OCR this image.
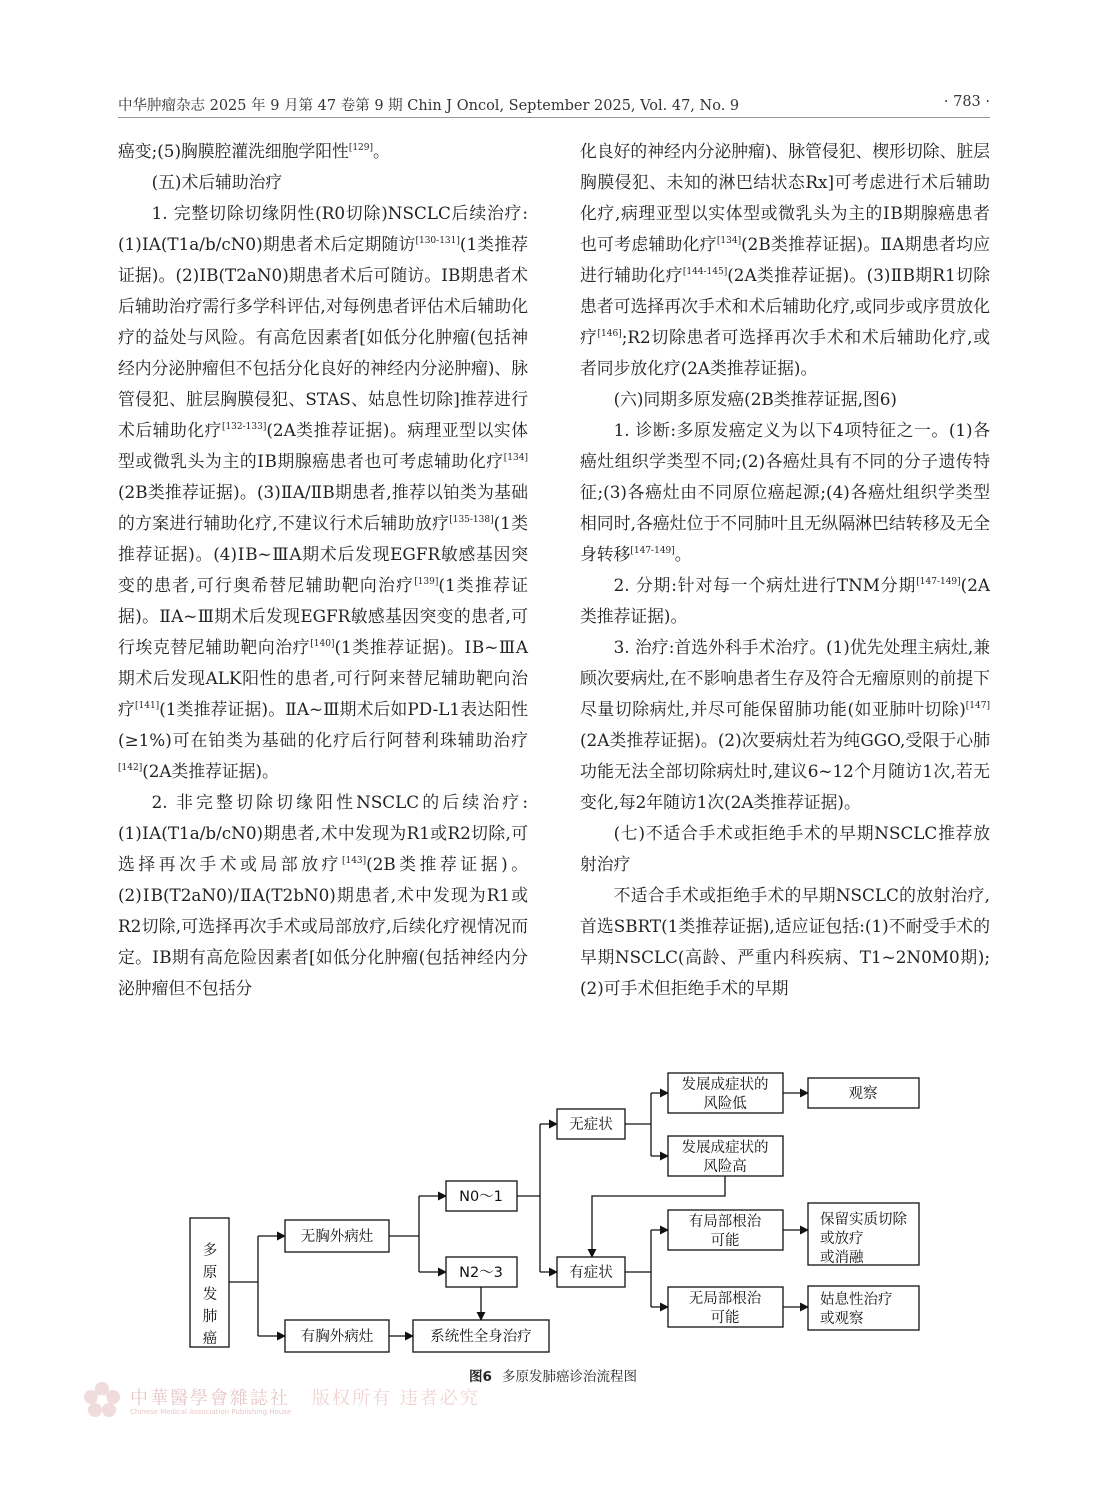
中华肿瘤杂志 2025 年 9 月第 47 卷第 9 期 Chin J Oncol, September 2025, Vol. 47, No. 9	· 783 ·

癌变;(5)胸膜腔灌洗细胞学阳性[129]。

(五)术后辅助治疗

1. 完整切除切缘阴性(R0切除)NSCLC后续治疗:(1)ⅠA(T1a/b/cN0)期患者术后定期随访[130-131](1类推荐证据)。(2)ⅠB(T2aN0)期患者术后可随访。ⅠB期患者术后辅助治疗需行多学科评估,对每例患者评估术后辅助化疗的益处与风险。有高危因素者[如低分化肿瘤(包括神经内分泌肿瘤但不包括分化良好的神经内分泌肿瘤)、脉管侵犯、脏层胸膜侵犯、STAS、姑息性切除]推荐进行术后辅助化疗[132-133](2A类推荐证据)。病理亚型以实体型或微乳头为主的ⅠB期腺癌患者也可考虑辅助化疗[134](2B类推荐证据)。(3)ⅡA/ⅡB期患者,推荐以铂类为基础的方案进行辅助化疗,不建议行术后辅助放疗[135-138](1类推荐证据)。(4)ⅠB~ⅢA期术后发现EGFR敏感基因突变的患者,可行奥希替尼辅助靶向治疗[139](1类推荐证据)。ⅡA~Ⅲ期术后发现EGFR敏感基因突变的患者,可行埃克替尼辅助靶向治疗[140](1类推荐证据)。ⅠB~ⅢA期术后发现ALK阳性的患者,可行阿来替尼辅助靶向治疗[141](1类推荐证据)。ⅡA~Ⅲ期术后如PD-L1表达阳性(≥1%)可在铂类为基础的化疗后行阿替利珠辅助治疗[142](2A类推荐证据)。

2. 非完整切除切缘阳性NSCLC的后续治疗:(1)ⅠA(T1a/b/cN0)期患者,术中发现为R1或R2切除,可选择再次手术或局部放疗[143](2B类推荐证据)。(2)ⅠB(T2aN0)/ⅡA(T2bN0)期患者,术中发现为R1或R2切除,可选择再次手术或局部放疗,后续化疗视情况而定。ⅠB期有高危险因素者[如低分化肿瘤(包括神经内分泌肿瘤但不包括分

化良好的神经内分泌肿瘤)、脉管侵犯、楔形切除、脏层胸膜侵犯、未知的淋巴结状态Rx]可考虑进行术后辅助化疗,病理亚型以实体型或微乳头为主的ⅠB期腺癌患者也可考虑辅助化疗[134](2B类推荐证据)。ⅡA期患者均应进行辅助化疗[144-145](2A类推荐证据)。(3)ⅡB期R1切除患者可选择再次手术和术后辅助化疗,或同步或序贯放化疗[146];R2切除患者可选择再次手术和术后辅助化疗,或者同步放化疗(2A类推荐证据)。

(六)同期多原发癌(2B类推荐证据,图6)

1. 诊断:多原发癌定义为以下4项特征之一。(1)各癌灶组织学类型不同;(2)各癌灶具有不同的分子遗传特征;(3)各癌灶由不同原位癌起源;(4)各癌灶组织学类型相同时,各癌灶位于不同肺叶且无纵隔淋巴结转移及无全身转移[147-149]。

2. 分期:针对每一个病灶进行TNM分期[147-149](2A类推荐证据)。

3. 治疗:首选外科手术治疗。(1)优先处理主病灶,兼顾次要病灶,在不影响患者生存及符合无瘤原则的前提下尽量切除病灶,并尽可能保留肺功能(如亚肺叶切除)[147](2A类推荐证据)。(2)次要病灶若为纯GGO,受限于心肺功能无法全部切除病灶时,建议6~12个月随访1次,若无变化,每2年随访1次(2A类推荐证据)。

(七)不适合手术或拒绝手术的早期NSCLC推荐放射治疗

不适合手术或拒绝手术的早期NSCLC的放射治疗,首选SBRT(1类推荐证据),适应证包括:(1)不耐受手术的早期NSCLC(高龄、严重内科疾病、T1~2N0M0期);(2)可手术但拒绝手术的早期

多
原
发
肺
癌
无胸外病灶
有胸外病灶
N0～1
N2～3
系统性全身治疗
无症状
有症状
发展成症状的
风险低
发展成症状的
风险高
观察
有局部根治
可能
无局部根治
可能
保留实质切除
或放疗
或消融
姑息性治疗
或观察
图6 多原发肺癌诊治流程图
中華醫學會雜誌社
Chinese Medical Association Publishing House
版权所有 违者必究
